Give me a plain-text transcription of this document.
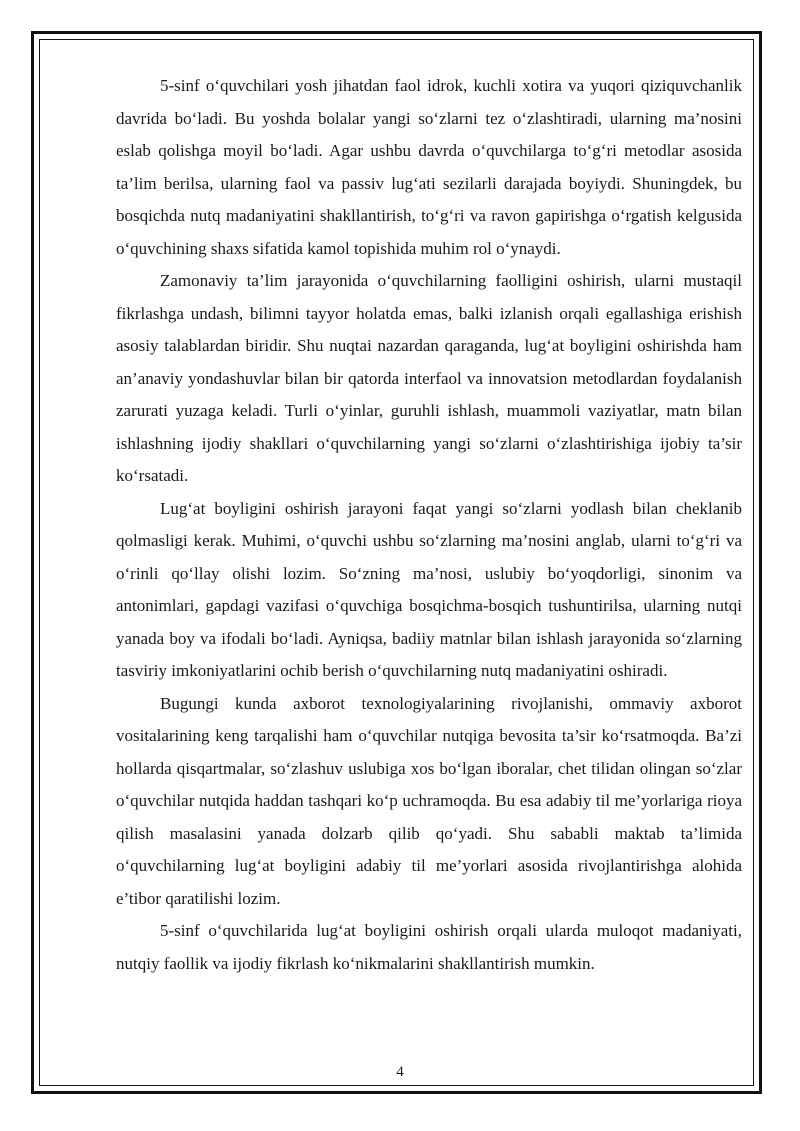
5-sinf o‘quvchilari yosh jihatdan faol idrok, kuchli xotira va yuqori qiziquvchanlik davrida bo‘ladi. Bu yoshda bolalar yangi so‘zlarni tez o‘zlashtiradi, ularning ma’nosini eslab qolishga moyil bo‘ladi. Agar ushbu davrda o‘quvchilarga to‘g‘ri metodlar asosida ta’lim berilsa, ularning faol va passiv lug‘ati sezilarli darajada boyiydi. Shuningdek, bu bosqichda nutq madaniyatini shakllantirish, to‘g‘ri va ravon gapirishga o‘rgatish kelgusida o‘quvchining shaxs sifatida kamol topishida muhim rol o‘ynaydi.

Zamonaviy ta’lim jarayonida o‘quvchilarning faolligini oshirish, ularni mustaqil fikrlashga undash, bilimni tayyor holatda emas, balki izlanish orqali egallashiga erishish asosiy talablardan biridir. Shu nuqtai nazardan qaraganda, lug‘at boyligini oshirishda ham an’anaviy yondashuvlar bilan bir qatorda interfaol va innovatsion metodlardan foydalanish zarurati yuzaga keladi. Turli o‘yinlar, guruhli ishlash, muammoli vaziyatlar, matn bilan ishlashning ijodiy shakllari o‘quvchilarning yangi so‘zlarni o‘zlashtirishiga ijobiy ta’sir ko‘rsatadi.

Lug‘at boyligini oshirish jarayoni faqat yangi so‘zlarni yodlash bilan cheklanib qolmasligi kerak. Muhimi, o‘quvchi ushbu so‘zlarning ma’nosini anglab, ularni to‘g‘ri va o‘rinli qo‘llay olishi lozim. So‘zning ma’nosi, uslubiy bo‘yoqdorligi, sinonim va antonimlari, gapdagi vazifasi o‘quvchiga bosqichma-bosqich tushuntirilsa, ularning nutqi yanada boy va ifodali bo‘ladi. Ayniqsa, badiiy matnlar bilan ishlash jarayonida so‘zlarning tasviriy imkoniyatlarini ochib berish o‘quvchilarning nutq madaniyatini oshiradi.

Bugungi kunda axborot texnologiyalarining rivojlanishi, ommaviy axborot vositalarining keng tarqalishi ham o‘quvchilar nutqiga bevosita ta’sir ko‘rsatmoqda. Ba’zi hollarda qisqartmalar, so‘zlashuv uslubiga xos bo‘lgan iboralar, chet tilidan olingan so‘zlar o‘quvchilar nutqida haddan tashqari ko‘p uchramoqda. Bu esa adabiy til me’yorlariga rioya qilish masalasini yanada dolzarb qilib qo‘yadi. Shu sababli maktab ta’limida o‘quvchilarning lug‘at boyligini adabiy til me’yorlari asosida rivojlantirishga alohida e’tibor qaratilishi lozim.

5-sinf o‘quvchilarida lug‘at boyligini oshirish orqali ularda muloqot madaniyati, nutqiy faollik va ijodiy fikrlash ko‘nikmalarini shakllantirish mumkin.

4
